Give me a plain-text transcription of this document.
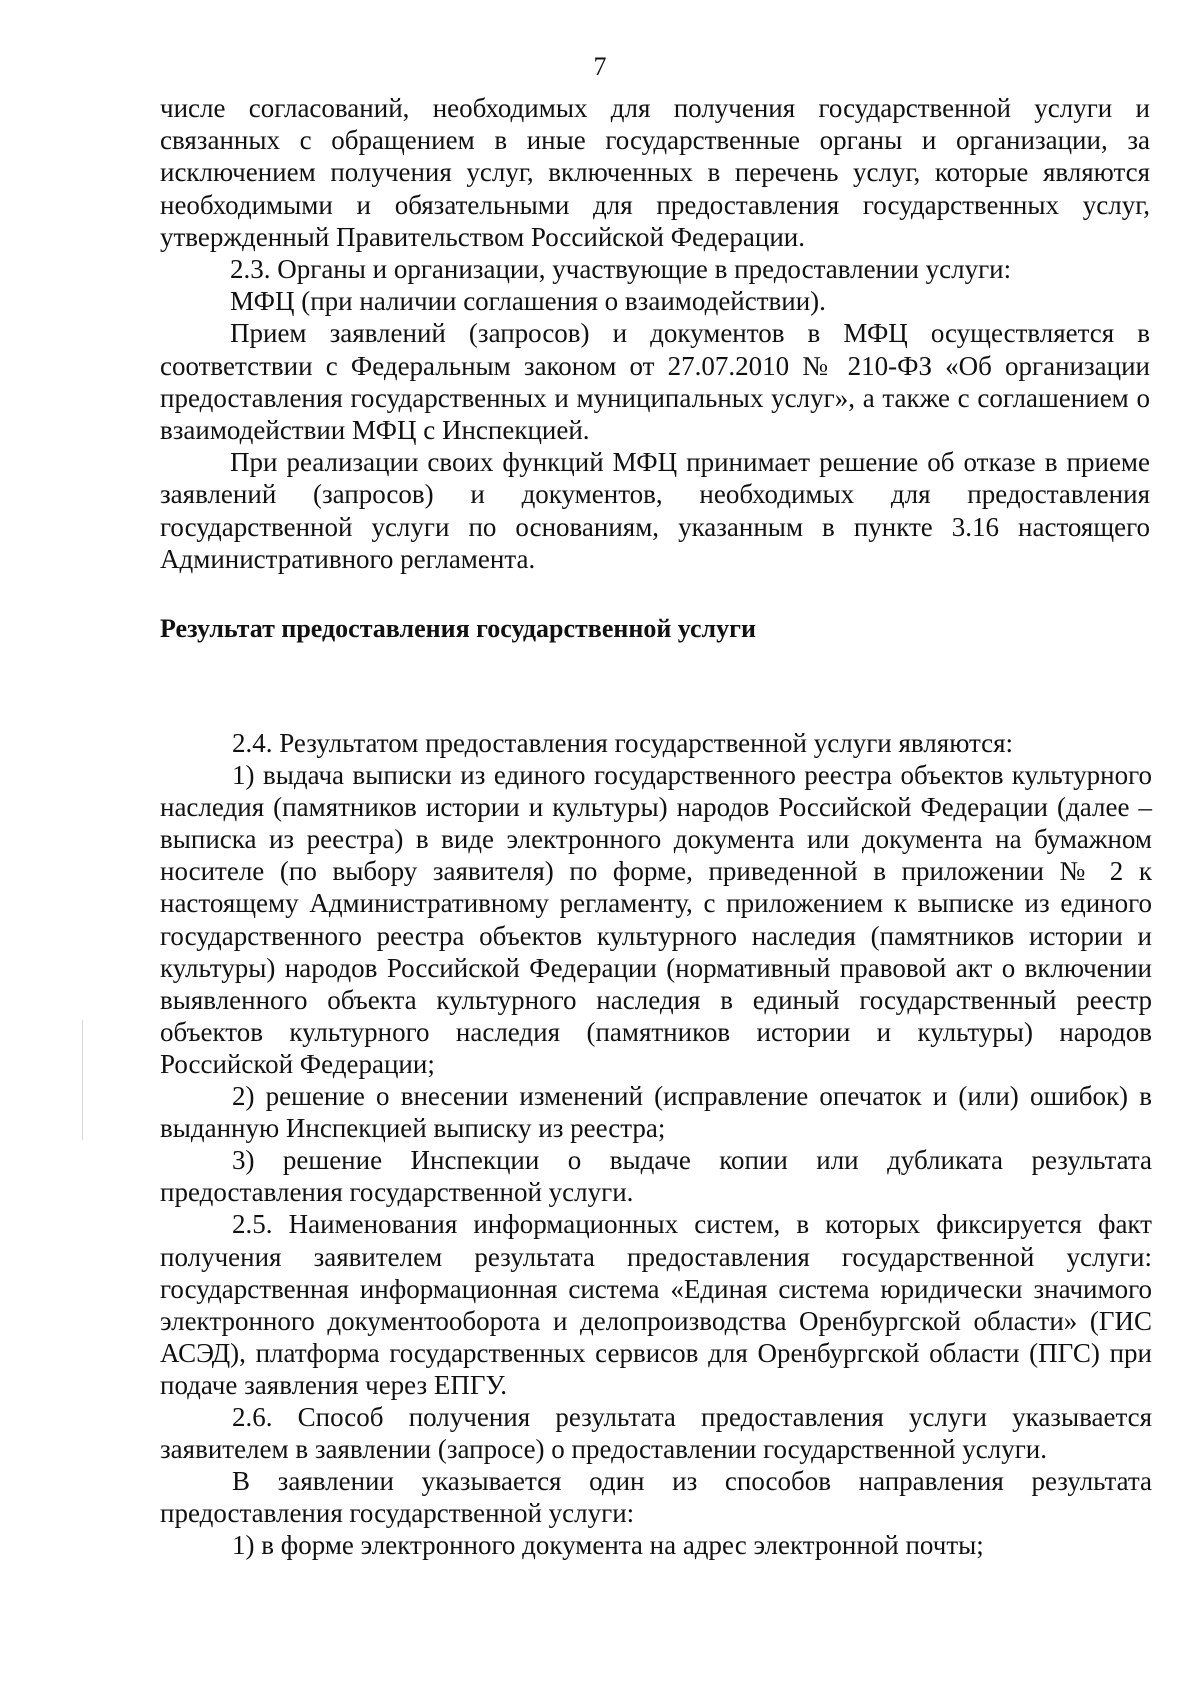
7

числе согласований, необходимых для получения государственной услуги и связанных с обращением в иные государственные органы и организации, за исключением получения услуг, включенных в перечень услуг, которые являются необходимыми и обязательными для предоставления государственных услуг, утвержденный Правительством Российской Федерации.

2.3. Органы и организации, участвующие в предоставлении услуги:

МФЦ (при наличии соглашения о взаимодействии).

Прием заявлений (запросов) и документов в МФЦ осуществляется в соответствии с Федеральным законом от 27.07.2010 № 210-ФЗ «Об организации предоставления государственных и муниципальных услуг», а также с соглашением о взаимодействии МФЦ с Инспекцией.

При реализации своих функций МФЦ принимает решение об отказе в приеме заявлений (запросов) и документов, необходимых для предоставления государственной услуги по основаниям, указанным в пункте 3.16 настоящего Административного регламента.

Результат предоставления государственной услуги

2.4. Результатом предоставления государственной услуги являются:

1) выдача выписки из единого государственного реестра объектов культурного наследия (памятников истории и культуры) народов Российской Федерации (далее – выписка из реестра) в виде электронного документа или документа на бумажном носителе (по выбору заявителя) по форме, приведенной в приложении № 2 к настоящему Административному регламенту, с приложением к выписке из единого государственного реестра объектов культурного наследия (памятников истории и культуры) народов Российской Федерации (нормативный правовой акт о включении выявленного объекта культурного наследия в единый государственный реестр объектов культурного наследия (памятников истории и культуры) народов Российской Федерации;

2) решение о внесении изменений (исправление опечаток и (или) ошибок) в выданную Инспекцией выписку из реестра;

3) решение Инспекции о выдаче копии или дубликата результата предоставления государственной услуги.

2.5. Наименования информационных систем, в которых фиксируется факт получения заявителем результата предоставления государственной услуги: государственная информационная система «Единая система юридически значимого электронного документооборота и делопроизводства Оренбургской области» (ГИС АСЭД), платформа государственных сервисов для Оренбургской области (ПГС) при подаче заявления через ЕПГУ.

2.6. Способ получения результата предоставления услуги указывается заявителем в заявлении (запросе) о предоставлении государственной услуги.

В заявлении указывается один из способов направления результата предоставления государственной услуги:

1) в форме электронного документа на адрес электронной почты;
